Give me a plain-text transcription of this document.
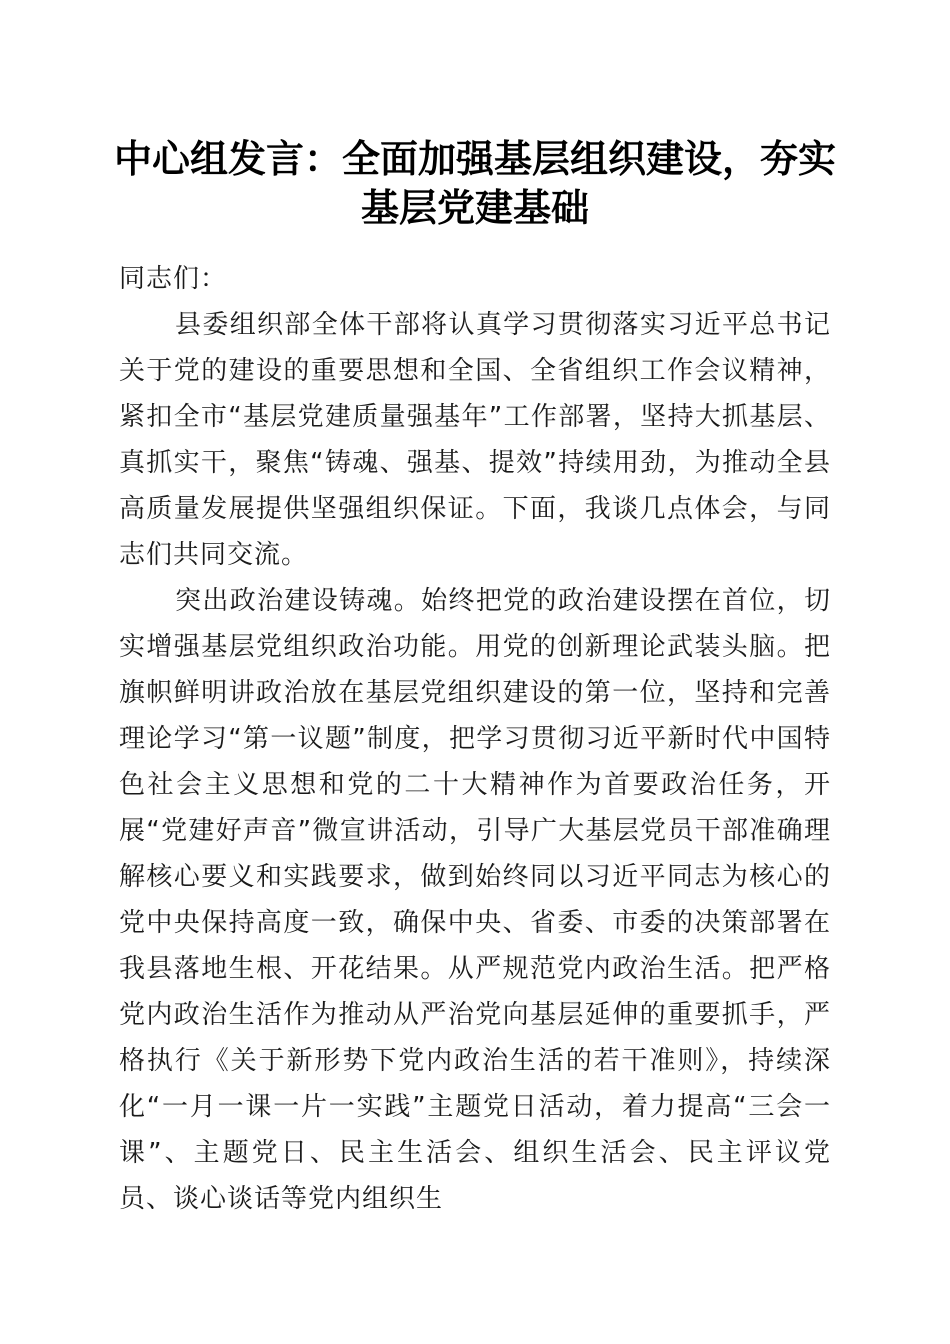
中心组发言：全面加强基层组织建设，夯实基层党建基础

同志们：

县委组织部全体干部将认真学习贯彻落实习近平总书记关于党的建设的重要思想和全国、全省组织工作会议精神，紧扣全市“基层党建质量强基年”工作部署，坚持大抓基层、真抓实干，聚焦“铸魂、强基、提效”持续用劲，为推动全县高质量发展提供坚强组织保证。下面，我谈几点体会，与同志们共同交流。

突出政治建设铸魂。始终把党的政治建设摆在首位，切实增强基层党组织政治功能。用党的创新理论武装头脑。把旗帜鲜明讲政治放在基层党组织建设的第一位，坚持和完善理论学习“第一议题”制度，把学习贯彻习近平新时代中国特色社会主义思想和党的二十大精神作为首要政治任务，开展“党建好声音”微宣讲活动，引导广大基层党员干部准确理解核心要义和实践要求，做到始终同以习近平同志为核心的党中央保持高度一致，确保中央、省委、市委的决策部署在我县落地生根、开花结果。从严规范党内政治生活。把严格党内政治生活作为推动从严治党向基层延伸的重要抓手，严格执行《关于新形势下党内政治生活的若干准则》，持续深化“一月一课一片一实践”主题党日活动，着力提高“三会一课”、主题党日、民主生活会、组织生活会、民主评议党员、谈心谈话等党内组织生
